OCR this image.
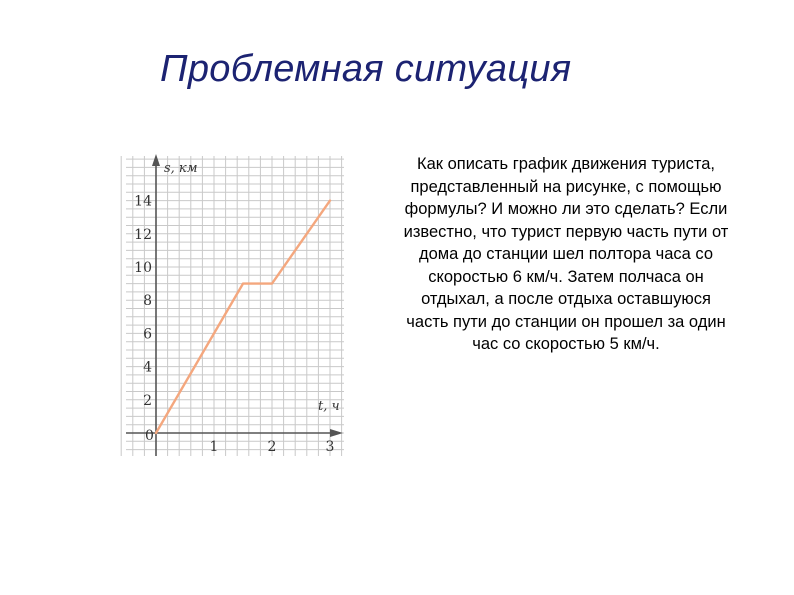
Проблемная ситуация
2
4
6
8
10
12
14
1	2	3
s, км
t, ч
0

Как описать график движения туриста, представленный на рисунке, с помощью формулы? И можно ли это сделать? Если известно, что турист первую часть пути от дома до станции шел полтора часа со скоростью 6 км/ч. Затем полчаса он отдыхал, а после отдыха оставшуюся часть пути до станции он прошел за один час со скоростью 5 км/ч.
